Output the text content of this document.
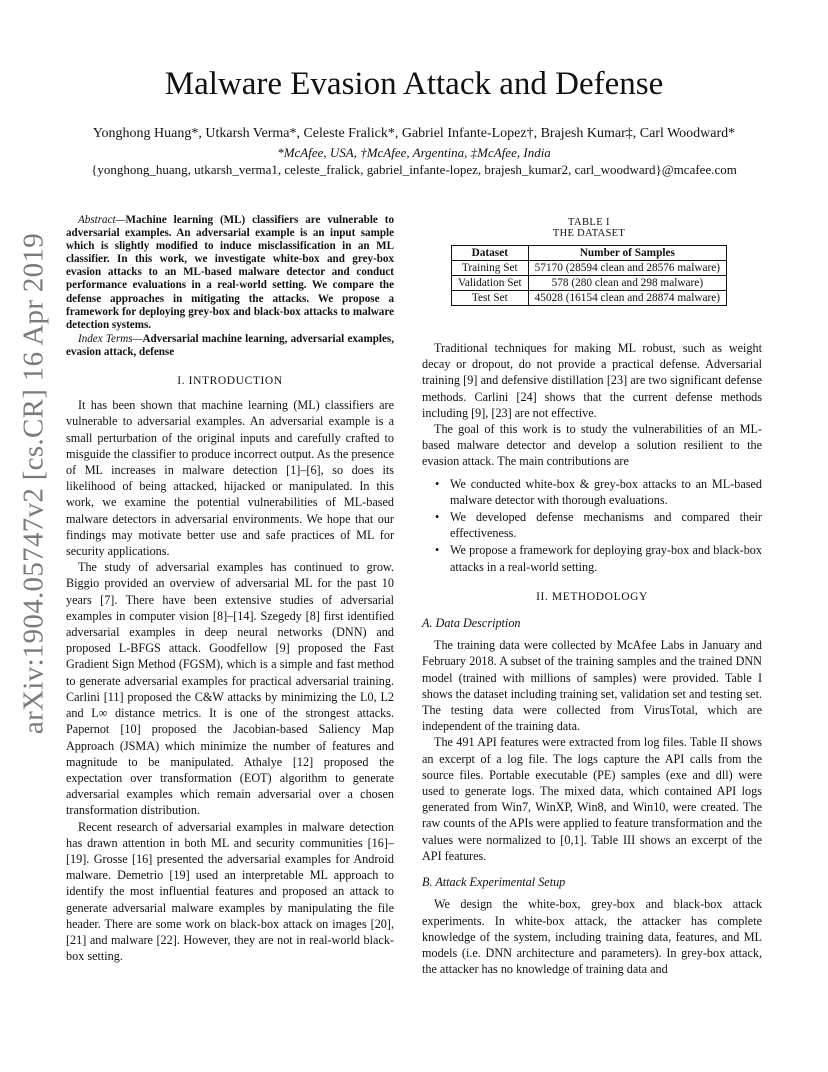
arXiv:1904.05747v2 [cs.CR] 16 Apr 2019
Malware Evasion Attack and Defense
Yonghong Huang*, Utkarsh Verma*, Celeste Fralick*, Gabriel Infante-Lopez†, Brajesh Kumar‡, Carl Woodward*
*McAfee, USA, †McAfee, Argentina, ‡McAfee, India
{yonghong_huang, utkarsh_verma1, celeste_fralick, gabriel_infante-lopez, brajesh_kumar2, carl_woodward}@mcafee.com

Abstract—Machine learning (ML) classifiers are vulnerable to adversarial examples. An adversarial example is an input sample which is slightly modified to induce misclassification in an ML classifier. In this work, we investigate white-box and grey-box evasion attacks to an ML-based malware detector and conduct performance evaluations in a real-world setting. We compare the defense approaches in mitigating the attacks. We propose a framework for deploying grey-box and black-box attacks to malware detection systems.

Index Terms—Adversarial machine learning, adversarial examples, evasion attack, defense

I. INTRODUCTION

It has been shown that machine learning (ML) classifiers are vulnerable to adversarial examples. An adversarial example is a small perturbation of the original inputs and carefully crafted to misguide the classifier to produce incorrect output. As the presence of ML increases in malware detection [1]–[6], so does its likelihood of being attacked, hijacked or manipulated. In this work, we examine the potential vulnerabilities of ML-based malware detectors in adversarial environments. We hope that our findings may motivate better use and safe practices of ML for security applications.

The study of adversarial examples has continued to grow. Biggio provided an overview of adversarial ML for the past 10 years [7]. There have been extensive studies of adversarial examples in computer vision [8]–[14]. Szegedy [8] first identified adversarial examples in deep neural networks (DNN) and proposed L-BFGS attack. Goodfellow [9] proposed the Fast Gradient Sign Method (FGSM), which is a simple and fast method to generate adversarial examples for practical adversarial training. Carlini [11] proposed the C&W attacks by minimizing the L0, L2 and L∞ distance metrics. It is one of the strongest attacks. Papernot [10] proposed the Jacobian-based Saliency Map Approach (JSMA) which minimize the number of features and magnitude to be manipulated. Athalye [12] proposed the expectation over transformation (EOT) algorithm to generate adversarial examples which remain adversarial over a chosen transformation distribution.

Recent research of adversarial examples in malware detection has drawn attention in both ML and security communities [16]–[19]. Grosse [16] presented the adversarial examples for Android malware. Demetrio [19] used an interpretable ML approach to identify the most influential features and proposed an attack to generate adversarial malware examples by manipulating the file header. There are some work on black-box attack on images [20], [21] and malware [22]. However, they are not in real-world black-box setting.

TABLE I
THE DATASET
Dataset	Number of Samples
Training Set	57170 (28594 clean and 28576 malware)
Validation Set	578 (280 clean and 298 malware)
Test Set	45028 (16154 clean and 28874 malware)

Traditional techniques for making ML robust, such as weight decay or dropout, do not provide a practical defense. Adversarial training [9] and defensive distillation [23] are two significant defense methods. Carlini [24] shows that the current defense methods including [9], [23] are not effective.

The goal of this work is to study the vulnerabilities of an ML-based malware detector and develop a solution resilient to the evasion attack. The main contributions are

• We conducted white-box & grey-box attacks to an ML-based malware detector with thorough evaluations.
• We developed defense mechanisms and compared their effectiveness.
• We propose a framework for deploying gray-box and black-box attacks in a real-world setting.
II. METHODOLOGY
A. Data Description

The training data were collected by McAfee Labs in January and February 2018. A subset of the training samples and the trained DNN model (trained with millions of samples) were provided. Table I shows the dataset including training set, validation set and testing set. The testing data were collected from VirusTotal, which are independent of the training data.

The 491 API features were extracted from log files. Table II shows an excerpt of a log file. The logs capture the API calls from the source files. Portable executable (PE) samples (exe and dll) were used to generate logs. The mixed data, which contained API logs generated from Win7, WinXP, Win8, and Win10, were created. The raw counts of the APIs were applied to feature transformation and the values were normalized to [0,1]. Table III shows an excerpt of the API features.

B. Attack Experimental Setup

We design the white-box, grey-box and black-box attack experiments. In white-box attack, the attacker has complete knowledge of the system, including training data, features, and ML models (i.e. DNN architecture and parameters). In grey-box attack, the attacker has no knowledge of training data and
